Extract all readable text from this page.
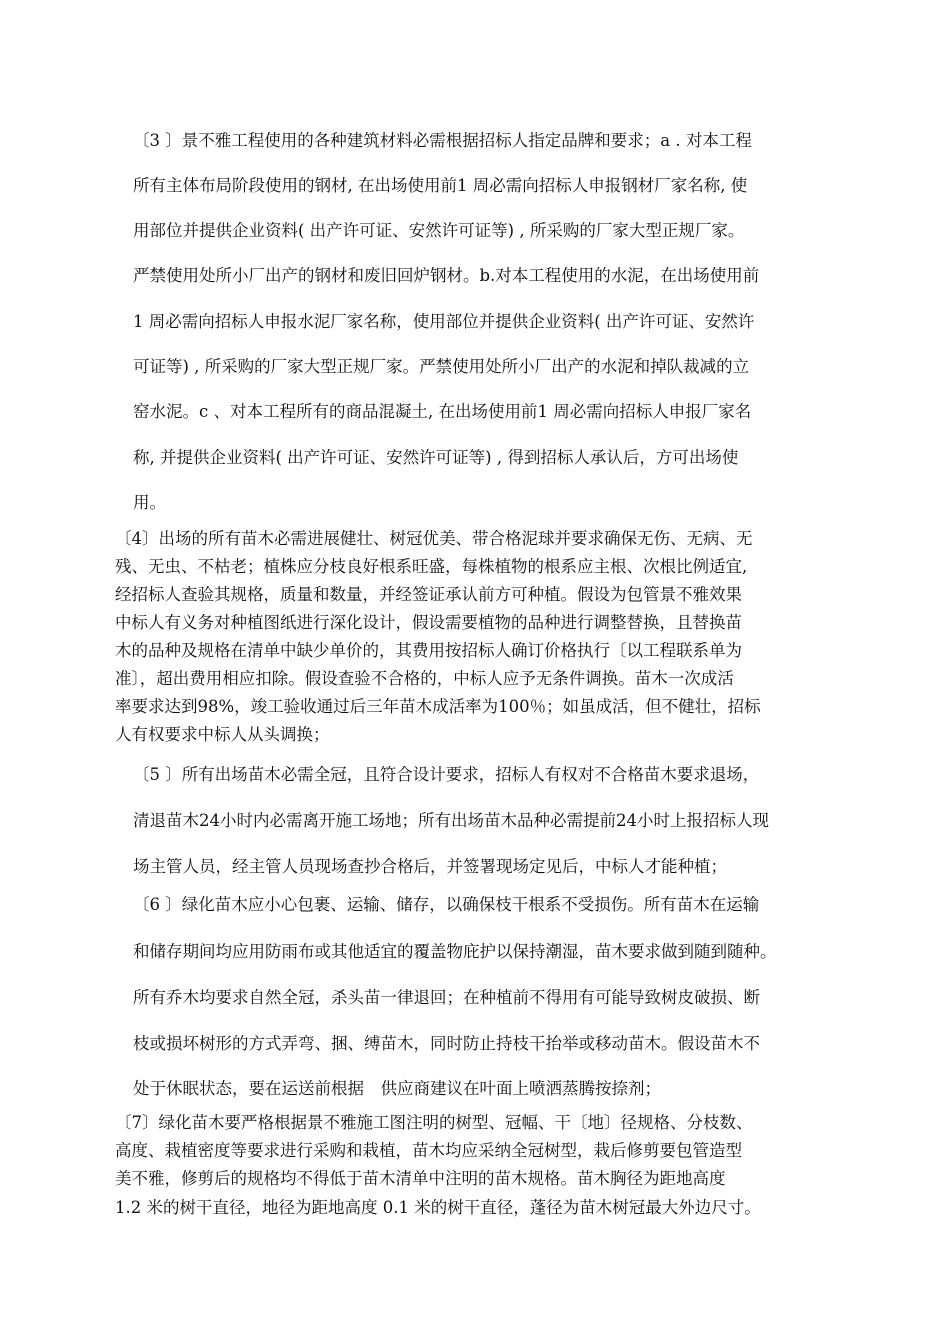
〔3 〕景不雅工程使用的各种建筑材料必需根据招标人指定品牌和要求；a . 对本工程

所有主体布局阶段使用的钢材, 在出场使用前1 周必需向招标人申报钢材厂家名称, 使

用部位并提供企业资料( 出产许可证、安然许可证等) , 所采购的厂家大型正规厂家。

严禁使用处所小厂出产的钢材和废旧回炉钢材。b.对本工程使用的水泥，在出场使用前

1 周必需向招标人申报水泥厂家名称，使用部位并提供企业资料( 出产许可证、安然许

可证等) , 所采购的厂家大型正规厂家。严禁使用处所小厂出产的水泥和掉队裁减的立

窑水泥。c 、对本工程所有的商品混凝土, 在出场使用前1 周必需向招标人申报厂家名

称, 并提供企业资料( 出产许可证、安然许可证等) , 得到招标人承认后，方可出场使

用。

〔4〕出场的所有苗木必需进展健壮、树冠优美、带合格泥球并要求确保无伤、无病、无

残、无虫、不枯老；植株应分枝良好根系旺盛，每株植物的根系应主根、次根比例适宜,

经招标人查验其规格，质量和数量，并经签证承认前方可种植。假设为包管景不雅效果

中标人有义务对种植图纸进行深化设计，假设需要植物的品种进行调整替换，且替换苗

木的品种及规格在清单中缺少单价的，其费用按招标人确订价格执行〔以工程联系单为

准〕，超出费用相应扣除。假设查验不合格的，中标人应予无条件调换。苗木一次成活

率要求达到98%，竣工验收通过后三年苗木成活率为100％；如虽成活，但不健壮，招标

人有权要求中标人从头调换；

〔5 〕所有出场苗木必需全冠，且符合设计要求，招标人有权对不合格苗木要求退场，

清退苗木24小时内必需离开施工场地；所有出场苗木品种必需提前24小时上报招标人现

场主管人员，经主管人员现场查抄合格后，并签署现场定见后，中标人才能种植；

〔6 〕绿化苗木应小心包裹、运输、储存，以确保枝干根系不受损伤。所有苗木在运输

和储存期间均应用防雨布或其他适宜的覆盖物庇护以保持潮湿，苗木要求做到随到随种。

所有乔木均要求自然全冠，杀头苗一律退回；在种植前不得用有可能导致树皮破损、断

枝或损坏树形的方式弄弯、捆、缚苗木，同时防止持枝干抬举或移动苗木。假设苗木不

处于休眠状态，要在运送前根据　供应商建议在叶面上喷洒蒸腾按捺剂；

〔7〕绿化苗木要严格根据景不雅施工图注明的树型、冠幅、干〔地〕径规格、分枝数、

高度、栽植密度等要求进行采购和栽植，苗木均应采纳全冠树型，栽后修剪要包管造型

美不雅，修剪后的规格均不得低于苗木清单中注明的苗木规格。苗木胸径为距地高度

1.2 米的树干直径，地径为距地高度 0.1 米的树干直径，蓬径为苗木树冠最大外边尺寸。
